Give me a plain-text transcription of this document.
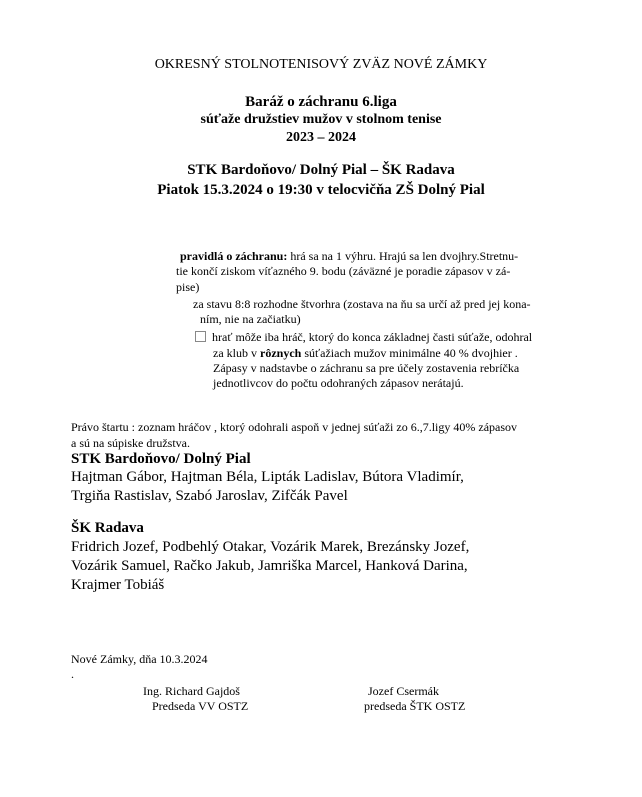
OKRESNÝ STOLNOTENISOVÝ ZVÄZ NOVÉ ZÁMKY

Baráž o záchranu 6.liga

súťaže družstiev mužov v stolnom tenise

2023 – 2024

STK Bardoňovo/ Dolný Pial – ŠK Radava

Piatok 15.3.2024 o 19:30 v telocvičňa ZŠ Dolný Pial

pravidlá o záchranu: hrá sa na 1 výhru. Hrajú sa len dvojhry.Stretnu-

tie končí ziskom víťazného 9. bodu (záväzné je poradie zápasov v zá-

pise)

za stavu 8:8 rozhodne štvorhra (zostava na ňu sa určí až pred jej kona-

ním, nie na začiatku)

hrať môže iba hráč, ktorý do konca základnej časti súťaže, odohral

za klub v rôznych súťažiach mužov minimálne 40 % dvojhier .

Zápasy v nadstavbe o záchranu sa pre účely zostavenia rebríčka

jednotlivcov do počtu odohraných zápasov nerátajú.

Právo štartu : zoznam hráčov , ktorý odohrali aspoň v jednej súťaži zo 6.,7.ligy 40% zápasov

a sú na súpiske družstva.

STK Bardoňovo/ Dolný Pial

Hajtman Gábor, Hajtman Béla, Lipták Ladislav, Bútora Vladimír,

Trgiňa Rastislav, Szabó Jaroslav, Zifčák Pavel

ŠK Radava

Fridrich Jozef, Podbehlý Otakar, Vozárik Marek, Brezánsky Jozef,

Vozárik Samuel, Račko Jakub, Jamriška Marcel, Hanková Darina,

Krajmer Tobiáš

Nové Zámky, dňa 10.3.2024

.

Ing. Richard Gajdoš

Predseda VV OSTZ

Jozef Csermák

predseda ŠTK OSTZ
